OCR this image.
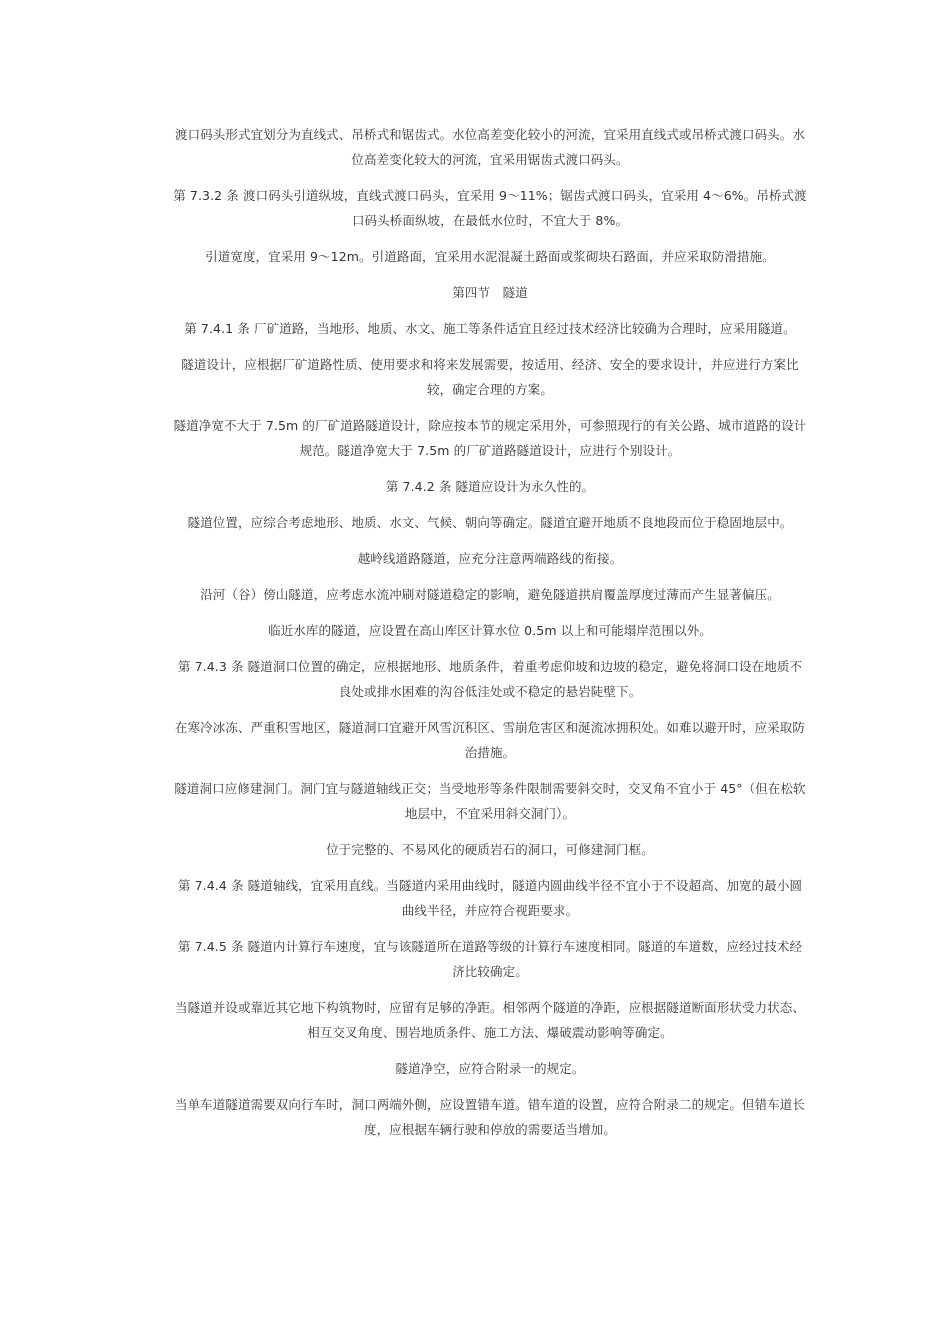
渡口码头形式宜划分为直线式、吊桥式和锯齿式。水位高差变化较小的河流，宜采用直线式或吊桥式渡口码头。水位高差变化较大的河流，宜采用锯齿式渡口码头。

第 7.3.2 条 渡口码头引道纵坡，直线式渡口码头，宜采用 9～11%；锯齿式渡口码头，宜采用 4～6%。吊桥式渡口码头桥面纵坡，在最低水位时，不宜大于 8%。

引道宽度，宜采用 9～12m。引道路面，宜采用水泥混凝土路面或浆砌块石路面，并应采取防滑措施。

第四节　隧道

第 7.4.1 条 厂矿道路，当地形、地质、水文、施工等条件适宜且经过技术经济比较确为合理时，应采用隧道。

隧道设计，应根据厂矿道路性质、使用要求和将来发展需要，按适用、经济、安全的要求设计，并应进行方案比较，确定合理的方案。

隧道净宽不大于 7.5m 的厂矿道路隧道设计，除应按本节的规定采用外，可参照现行的有关公路、城市道路的设计规范。隧道净宽大于 7.5m 的厂矿道路隧道设计，应进行个别设计。

第 7.4.2 条 隧道应设计为永久性的。

隧道位置，应综合考虑地形、地质、水文、气候、朝向等确定。隧道宜避开地质不良地段而位于稳固地层中。

越岭线道路隧道，应充分注意两端路线的衔接。

沿河（谷）傍山隧道，应考虑水流冲刷对隧道稳定的影响，避免隧道拱肩覆盖厚度过薄而产生显著偏压。

临近水库的隧道，应设置在高山库区计算水位 0.5m 以上和可能塌岸范围以外。

第 7.4.3 条 隧道洞口位置的确定，应根据地形、地质条件，着重考虑仰坡和边坡的稳定，避免将洞口设在地质不良处或排水困难的沟谷低洼处或不稳定的悬岩陡壁下。

在寒冷冰冻、严重积雪地区，隧道洞口宜避开风雪沉积区、雪崩危害区和涎流冰拥积处。如难以避开时，应采取防治措施。

隧道洞口应修建洞门。洞门宜与隧道轴线正交；当受地形等条件限制需要斜交时，交叉角不宜小于 45°（但在松软地层中，不宜采用斜交洞门）。

位于完整的、不易风化的硬质岩石的洞口，可修建洞门框。

第 7.4.4 条 隧道轴线，宜采用直线。当隧道内采用曲线时，隧道内圆曲线半径不宜小于不设超高、加宽的最小圆曲线半径，并应符合视距要求。

第 7.4.5 条 隧道内计算行车速度，宜与该隧道所在道路等级的计算行车速度相同。隧道的车道数，应经过技术经济比较确定。

当隧道并设或靠近其它地下构筑物时，应留有足够的净距。相邻两个隧道的净距，应根据隧道断面形状受力状态、相互交叉角度、围岩地质条件、施工方法、爆破震动影响等确定。

隧道净空，应符合附录一的规定。

当单车道隧道需要双向行车时，洞口两端外侧，应设置错车道。错车道的设置，应符合附录二的规定。但错车道长度，应根据车辆行驶和停放的需要适当增加。
